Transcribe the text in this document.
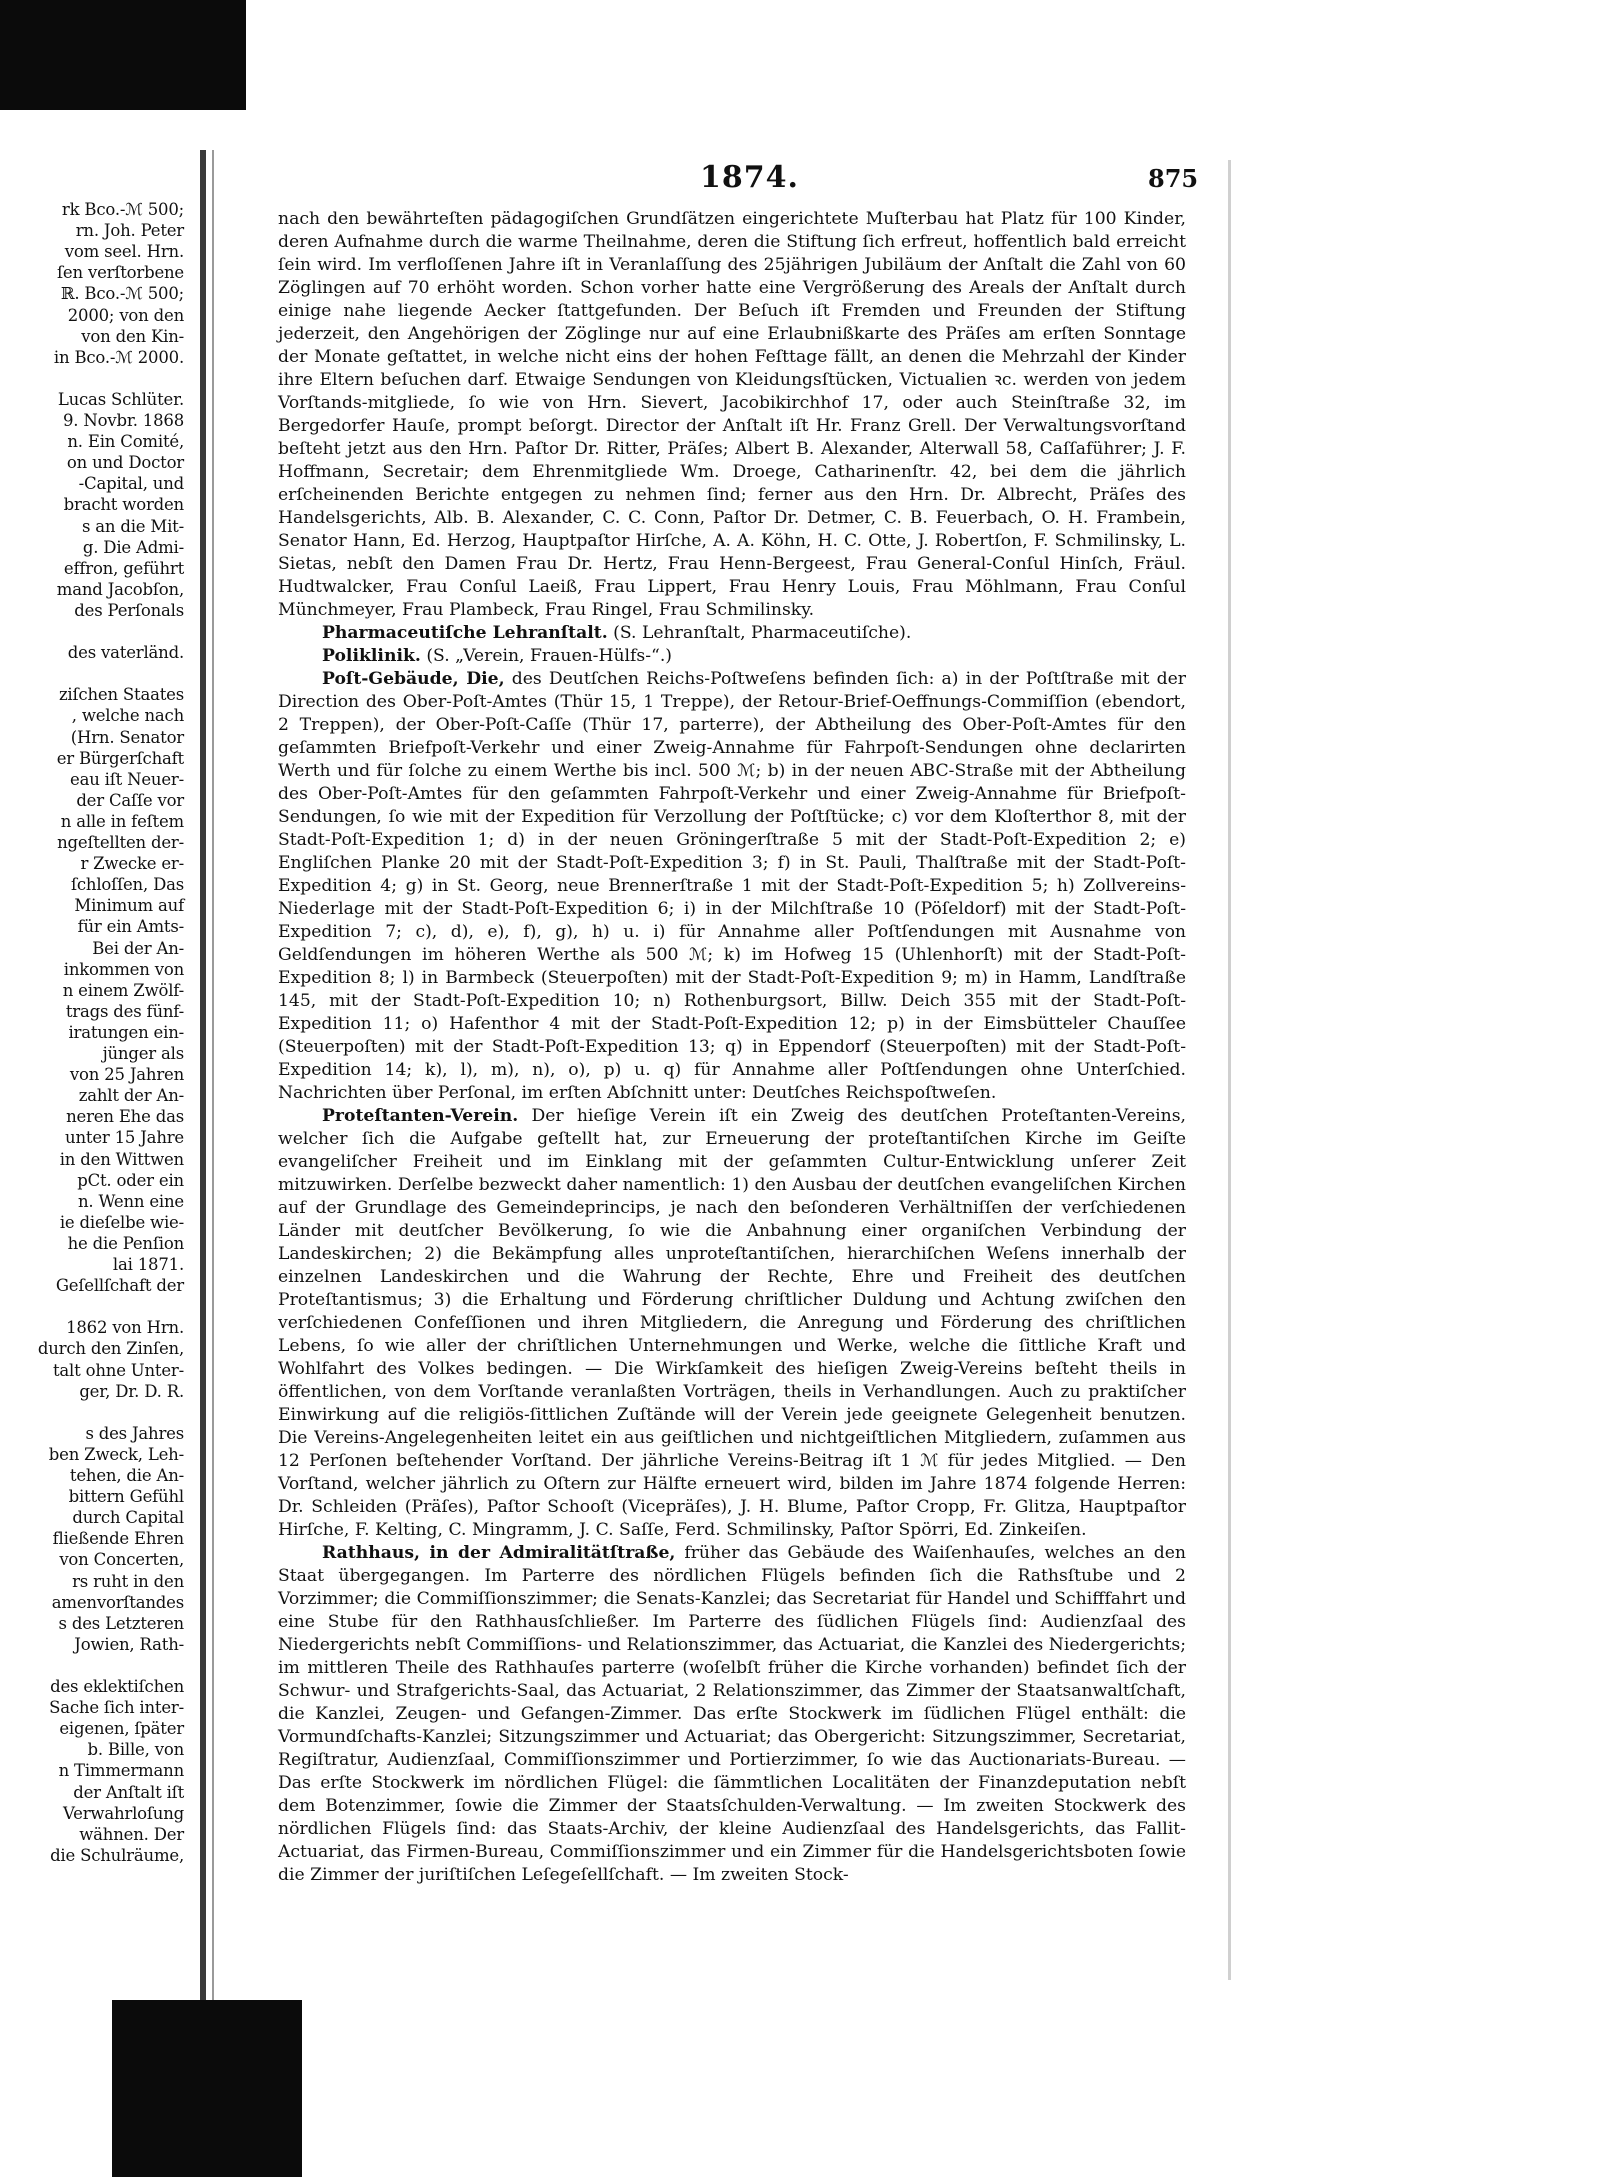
rk Bco.-ℳ 500;
rn. Joh. Peter
vom seel. Hrn.
ſen verſtorbene
ℝ. Bco.-ℳ 500;
2000; von den
von den Kin-
in Bco.-ℳ 2000.
Lucas Schlüter.
9. Novbr. 1868
n. Ein Comité,
on und Doctor
-Capital, und
bracht worden
s an die Mit-
g. Die Admi-
effron, geführt
mand Jacobſon,
des Perſonals
des vaterländ.
ziſchen Staates
, welche nach
(Hrn. Senator
er Bürgerſchaft
eau iſt Neuer-
der Caſſe vor
n alle in feſtem
ngeſtellten der-
r Zwecke er-
ſchloſſen, Das
Minimum auf
für ein Amts-
Bei der An-
inkommen von
n einem Zwölf-
trags des fünf-
iratungen ein-
jünger als
von 25 Jahren
zahlt der An-
neren Ehe das
unter 15 Jahre
in den Wittwen
pCt. oder ein
n. Wenn eine
ie dieſelbe wie-
he die Penſion
lai 1871.
Geſellſchaft der
1862 von Hrn.
durch den Zinſen,
talt ohne Unter-
ger, Dr. D. R.
s des Jahres
ben Zweck, Leh-
tehen, die An-
bittern Gefühl
durch Capital
fließende Ehren
von Concerten,
rs ruht in den
amenvorſtandes
s des Letzteren
Jowien, Rath-
des eklektiſchen
Sache ſich inter-
eigenen, ſpäter
b. Bille, von
n Timmermann
der Anſtalt iſt
Verwahrloſung
wähnen. Der
die Schulräume,
1874.	875

nach den bewährteſten pädagogiſchen Grundſätzen eingerichtete Muſterbau hat Platz für 100 Kinder, deren Aufnahme durch die warme Theilnahme, deren die Stiftung ſich erfreut, hoffentlich bald erreicht ſein wird. Im verfloſſenen Jahre iſt in Veranlaſſung des 25jährigen Jubiläum der Anſtalt die Zahl von 60 Zöglingen auf 70 erhöht worden. Schon vorher hatte eine Vergrößerung des Areals der Anſtalt durch einige nahe liegende Aecker ſtattgefunden. Der Beſuch iſt Fremden und Freunden der Stiftung jederzeit, den Angehörigen der Zöglinge nur auf eine Erlaubnißkarte des Präſes am erſten Sonntage der Monate geſtattet, in welche nicht eins der hohen Feſttage fällt, an denen die Mehrzahl der Kinder ihre Eltern beſuchen darf. Etwaige Sendungen von Kleidungsſtücken, Victualien ꝛc. werden von jedem Vorſtands-mitgliede, ſo wie von Hrn. Sievert, Jacobikirchhof 17, oder auch Steinſtraße 32, im Bergedorfer Hauſe, prompt beſorgt. Director der Anſtalt iſt Hr. Franz Grell. Der Verwaltungsvorſtand beſteht jetzt aus den Hrn. Paſtor Dr. Ritter, Präſes; Albert B. Alexander, Alterwall 58, Caſſaführer; J. F. Hoffmann, Secretair; dem Ehrenmitgliede Wm. Droege, Catharinenſtr. 42, bei dem die jährlich erſcheinenden Berichte entgegen zu nehmen ſind; ferner aus den Hrn. Dr. Albrecht, Präſes des Handelsgerichts, Alb. B. Alexander, C. C. Conn, Paſtor Dr. Detmer, C. B. Feuerbach, O. H. Frambein, Senator Hann, Ed. Herzog, Hauptpaſtor Hirſche, A. A. Köhn, H. C. Otte, J. Robertſon, F. Schmilinsky, L. Sietas, nebſt den Damen Frau Dr. Hertz, Frau Henn-Bergeest, Frau General-Conſul Hinſch, Fräul. Hudtwalcker, Frau Conſul Laeiß, Frau Lippert, Frau Henry Louis, Frau Möhlmann, Frau Conſul Münchmeyer, Frau Plambeck, Frau Ringel, Frau Schmilinsky.

Pharmaceutiſche Lehranſtalt. (S. Lehranſtalt, Pharmaceutiſche).

Poliklinik. (S. „Verein, Frauen-Hülfs-“.)

Poſt-Gebäude, Die, des Deutſchen Reichs-Poſtweſens befinden ſich: a) in der Poſtſtraße mit der Direction des Ober-Poſt-Amtes (Thür 15, 1 Treppe), der Retour-Brief-Oeffnungs-Commiſſion (ebendort, 2 Treppen), der Ober-Poſt-Caſſe (Thür 17, parterre), der Abtheilung des Ober-Poſt-Amtes für den geſammten Briefpoſt-Verkehr und einer Zweig-Annahme für Fahrpoſt-Sendungen ohne declarirten Werth und für ſolche zu einem Werthe bis incl. 500 ℳ; b) in der neuen ABC-Straße mit der Abtheilung des Ober-Poſt-Amtes für den geſammten Fahrpoſt-Verkehr und einer Zweig-Annahme für Briefpoſt-Sendungen, ſo wie mit der Expedition für Verzollung der Poſtſtücke; c) vor dem Kloſterthor 8, mit der Stadt-Poſt-Expedition 1; d) in der neuen Gröningerſtraße 5 mit der Stadt-Poſt-Expedition 2; e) Engliſchen Planke 20 mit der Stadt-Poſt-Expedition 3; f) in St. Pauli, Thalſtraße mit der Stadt-Poſt-Expedition 4; g) in St. Georg, neue Brennerſtraße 1 mit der Stadt-Poſt-Expedition 5; h) Zollvereins-Niederlage mit der Stadt-Poſt-Expedition 6; i) in der Milchſtraße 10 (Pöſeldorf) mit der Stadt-Poſt-Expedition 7; c), d), e), f), g), h) u. i) für Annahme aller Poſtſendungen mit Ausnahme von Geldſendungen im höheren Werthe als 500 ℳ; k) im Hofweg 15 (Uhlenhorſt) mit der Stadt-Poſt-Expedition 8; l) in Barmbeck (Steuerpoſten) mit der Stadt-Poſt-Expedition 9; m) in Hamm, Landſtraße 145, mit der Stadt-Poſt-Expedition 10; n) Rothenburgsort, Billw. Deich 355 mit der Stadt-Poſt-Expedition 11; o) Hafenthor 4 mit der Stadt-Poſt-Expedition 12; p) in der Eimsbütteler Chauſſee (Steuerpoſten) mit der Stadt-Poſt-Expedition 13; q) in Eppendorf (Steuerpoſten) mit der Stadt-Poſt-Expedition 14; k), l), m), n), o), p) u. q) für Annahme aller Poſtſendungen ohne Unterſchied. Nachrichten über Perſonal, im erſten Abſchnitt unter: Deutſches Reichspoſtweſen.

Proteſtanten-Verein. Der hieſige Verein iſt ein Zweig des deutſchen Proteſtanten-Vereins, welcher ſich die Aufgabe geſtellt hat, zur Erneuerung der proteſtantiſchen Kirche im Geiſte evangeliſcher Freiheit und im Einklang mit der geſammten Cultur-Entwicklung unſerer Zeit mitzuwirken. Derſelbe bezweckt daher namentlich: 1) den Ausbau der deutſchen evangeliſchen Kirchen auf der Grundlage des Gemeindeprincips, je nach den beſonderen Verhältniſſen der verſchiedenen Länder mit deutſcher Bevölkerung, ſo wie die Anbahnung einer organiſchen Verbindung der Landeskirchen; 2) die Bekämpfung alles unproteſtantiſchen, hierarchiſchen Weſens innerhalb der einzelnen Landeskirchen und die Wahrung der Rechte, Ehre und Freiheit des deutſchen Proteſtantismus; 3) die Erhaltung und Förderung chriſtlicher Duldung und Achtung zwiſchen den verſchiedenen Confeſſionen und ihren Mitgliedern, die Anregung und Förderung des chriſtlichen Lebens, ſo wie aller der chriſtlichen Unternehmungen und Werke, welche die ſittliche Kraft und Wohlfahrt des Volkes bedingen. — Die Wirkſamkeit des hieſigen Zweig-Vereins beſteht theils in öffentlichen, von dem Vorſtande veranlaßten Vorträgen, theils in Verhandlungen. Auch zu praktiſcher Einwirkung auf die religiös-ſittlichen Zuſtände will der Verein jede geeignete Gelegenheit benutzen. Die Vereins-Angelegenheiten leitet ein aus geiſtlichen und nichtgeiſtlichen Mitgliedern, zuſammen aus 12 Perſonen beſtehender Vorſtand. Der jährliche Vereins-Beitrag iſt 1 ℳ für jedes Mitglied. — Den Vorſtand, welcher jährlich zu Oſtern zur Hälfte erneuert wird, bilden im Jahre 1874 folgende Herren: Dr. Schleiden (Präſes), Paſtor Schooſt (Vicepräſes), J. H. Blume, Paſtor Cropp, Fr. Glitza, Hauptpaſtor Hirſche, F. Kelting, C. Mingramm, J. C. Saſſe, Ferd. Schmilinsky, Paſtor Spörri, Ed. Zinkeiſen.

Rathhaus, in der Admiralitätſtraße, früher das Gebäude des Waiſenhauſes, welches an den Staat übergegangen. Im Parterre des nördlichen Flügels befinden ſich die Rathsſtube und 2 Vorzimmer; die Commiſſionszimmer; die Senats-Kanzlei; das Secretariat für Handel und Schifffahrt und eine Stube für den Rathhausſchließer. Im Parterre des ſüdlichen Flügels ſind: Audienzſaal des Niedergerichts nebſt Commiſſions- und Relationszimmer, das Actuariat, die Kanzlei des Niedergerichts; im mittleren Theile des Rathhauſes parterre (woſelbſt früher die Kirche vorhanden) befindet ſich der Schwur- und Strafgerichts-Saal, das Actuariat, 2 Relationszimmer, das Zimmer der Staatsanwaltſchaft, die Kanzlei, Zeugen- und Gefangen-Zimmer. Das erſte Stockwerk im ſüdlichen Flügel enthält: die Vormundſchafts-Kanzlei; Sitzungszimmer und Actuariat; das Obergericht: Sitzungszimmer, Secretariat, Regiſtratur, Audienzſaal, Commiſſionszimmer und Portierzimmer, ſo wie das Auctionariats-Bureau. — Das erſte Stockwerk im nördlichen Flügel: die ſämmtlichen Localitäten der Finanzdeputation nebſt dem Botenzimmer, ſowie die Zimmer der Staatsſchulden-Verwaltung. — Im zweiten Stockwerk des nördlichen Flügels ſind: das Staats-Archiv, der kleine Audienzſaal des Handelsgerichts, das Fallit-Actuariat, das Firmen-Bureau, Commiſſionszimmer und ein Zimmer für die Handelsgerichtsboten ſowie die Zimmer der juriſtiſchen Leſegeſellſchaft. — Im zweiten Stock-
